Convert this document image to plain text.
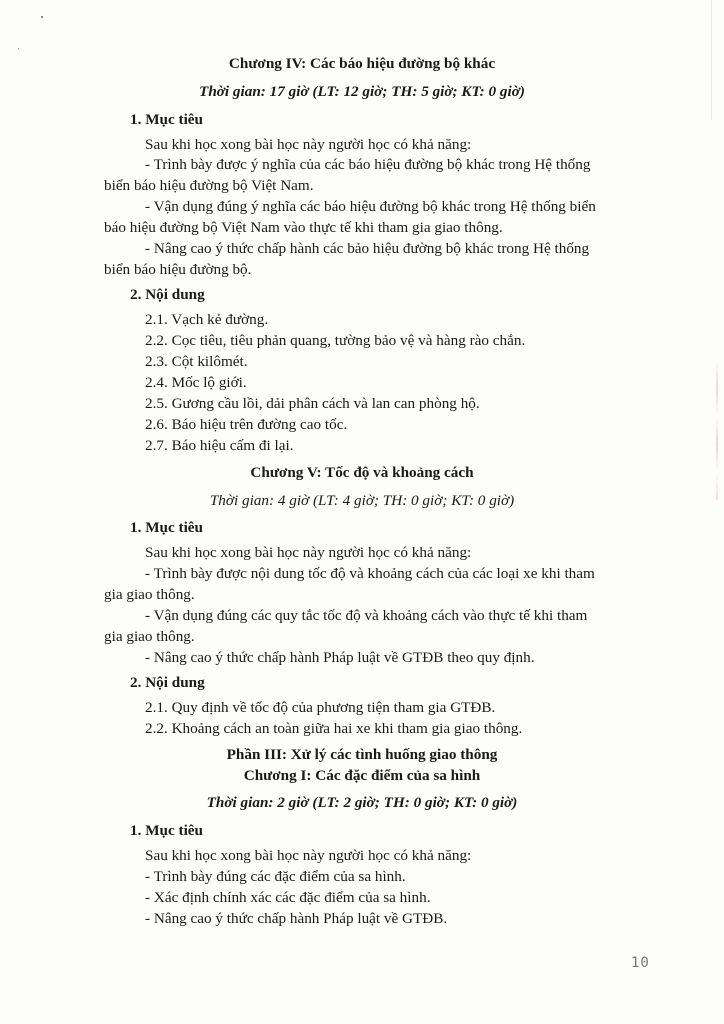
Chương IV: Các báo hiệu đường bộ khác
Thời gian: 17 giờ (LT: 12 giờ; TH: 5 giờ; KT: 0 giờ)
1. Mục tiêu
Sau khi học xong bài học này người học có khả năng:
- Trình bày được ý nghĩa của các báo hiệu đường bộ khác trong Hệ thống
biển báo hiệu đường bộ Việt Nam.
- Vận dụng đúng ý nghĩa các báo hiệu đường bộ khác trong Hệ thống biển
báo hiệu đường bộ Việt Nam vào thực tế khi tham gia giao thông.
- Nâng cao ý thức chấp hành các bảo hiệu đường bộ khác trong Hệ thống
biển báo hiệu đường bộ.
2. Nội dung
2.1. Vạch kẻ đường.
2.2. Cọc tiêu, tiêu phản quang, tường bảo vệ và hàng rào chắn.
2.3. Cột kilômét.
2.4. Mốc lộ giới.
2.5. Gương cầu lồi, dải phân cách và lan can phòng hộ.
2.6. Báo hiệu trên đường cao tốc.
2.7. Báo hiệu cấm đi lại.
Chương V: Tốc độ và khoảng cách
Thời gian: 4 giờ (LT: 4 giờ; TH: 0 giờ; KT: 0 giờ)
1. Mục tiêu
Sau khi học xong bài học này người học có khả năng:
- Trình bày được nội dung tốc độ và khoảng cách của các loại xe khi tham
gia giao thông.
- Vận dụng đúng các quy tắc tốc độ và khoảng cách vào thực tế khi tham
gia giao thông.
- Nâng cao ý thức chấp hành Pháp luật về GTĐB theo quy định.
2. Nội dung
2.1. Quy định về tốc độ của phương tiện tham gia GTĐB.
2.2. Khoảng cách an toàn giữa hai xe khi tham gia giao thông.
Phần III: Xử lý các tình huống giao thông
Chương I: Các đặc điểm của sa hình
Thời gian: 2 giờ (LT: 2 giờ; TH: 0 giờ; KT: 0 giờ)
1. Mục tiêu
Sau khi học xong bài học này người học có khả năng:
- Trình bày đúng các đặc điểm của sa hình.
- Xác định chính xác các đặc điểm của sa hình.
- Nâng cao ý thức chấp hành Pháp luật về GTĐB.
10
